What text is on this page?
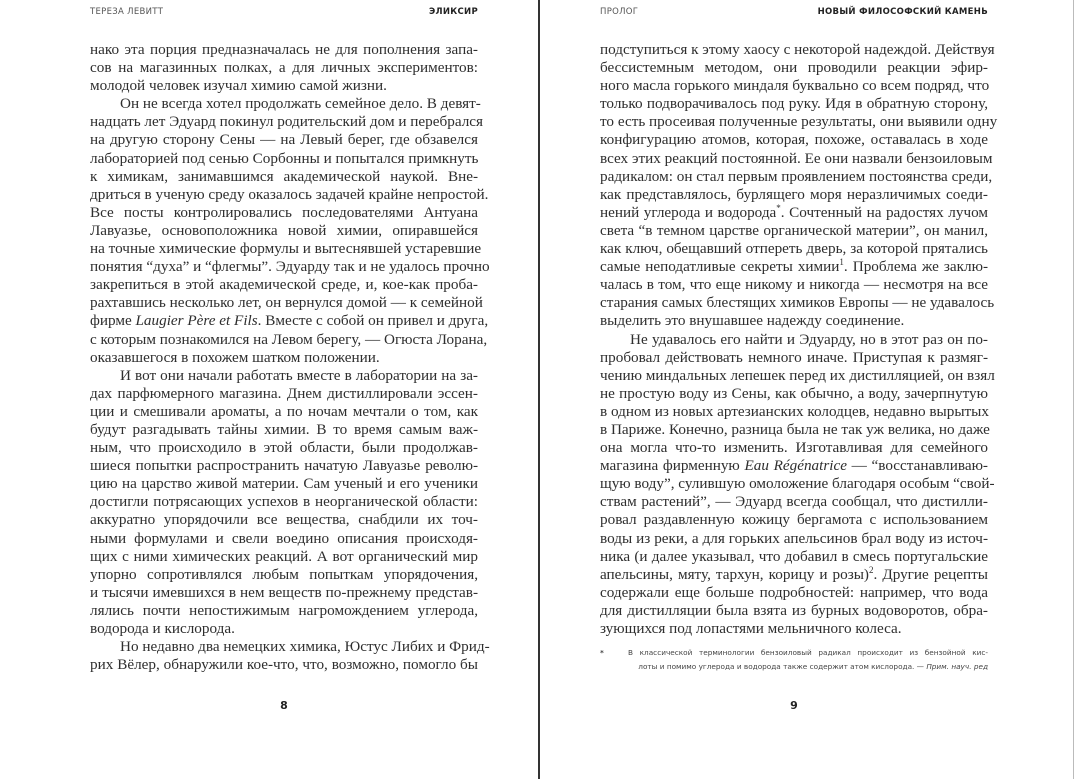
ТЕРЕЗА ЛЕВИТТ	ЭЛИКСИР
нако эта порция предназначалась не для пополнения запа-
сов на магазинных полках, а для личных экспериментов:
молодой человек изучал химию самой жизни.
Он не всегда хотел продолжать семейное дело. В девят-
надцать лет Эдуард покинул родительский дом и перебрался
на другую сторону Сены — на Левый берег, где обзавелся
лабораторией под сенью Сорбонны и попытался примкнуть
к химикам, занимавшимся академической наукой. Вне-
дриться в ученую среду оказалось задачей крайне непростой.
Все посты контролировались последователями Антуана
Лавуазье, основоположника новой химии, опиравшейся
на точные химические формулы и вытеснявшей устаревшие
понятия “духа” и “флегмы”. Эдуарду так и не удалось прочно
закрепиться в этой академической среде, и, кое-как проба-
рахтавшись несколько лет, он вернулся домой — к семейной
фирме Laugier Père et Fils. Вместе с собой он привел и друга,
с которым познакомился на Левом берегу, — Огюста Лорана,
оказавшегося в похожем шатком положении.
И вот они начали работать вместе в лаборатории на за-
дах парфюмерного магазина. Днем дистиллировали эссен-
ции и смешивали ароматы, а по ночам мечтали о том, как
будут разгадывать тайны химии. В то время самым важ-
ным, что происходило в этой области, были продолжав-
шиеся попытки распространить начатую Лавуазье револю-
цию на царство живой материи. Сам ученый и его ученики
достигли потрясающих успехов в неорганической области:
аккуратно упорядочили все вещества, снабдили их точ-
ными формулами и свели воедино описания происходя-
щих с ними химических реакций. А вот органический мир
упорно сопротивлялся любым попыткам упорядочения,
и тысячи имевшихся в нем веществ по-прежнему представ-
лялись почти непостижимым нагромождением углерода,
водорода и кислорода.
Но недавно два немецких химика, Юстус Либих и Фрид-
рих Вёлер, обнаружили кое-что, что, возможно, помогло бы
8
ПРОЛОГ	НОВЫЙ ФИЛОСОФСКИЙ КАМЕНЬ
подступиться к этому хаосу с некоторой надеждой. Действуя
бессистемным методом, они проводили реакции эфир-
ного масла горького миндаля буквально со всем подряд, что
только подворачивалось под руку. Идя в обратную сторону,
то есть просеивая полученные результаты, они выявили одну
конфигурацию атомов, которая, похоже, оставалась в ходе
всех этих реакций постоянной. Ее они назвали бензоиловым
радикалом: он стал первым проявлением постоянства среди,
как представлялось, бурлящего моря неразличимых соеди-
нений углерода и водорода*. Сочтенный на радостях лучом
света “в темном царстве органической материи”, он манил,
как ключ, обещавший отпереть дверь, за которой прятались
самые неподатливые секреты химии$^1$. Проблема же заклю-
чалась в том, что еще никому и никогда — несмотря на все
старания самых блестящих химиков Европы — не удавалось
выделить это внушавшее надежду соединение.
Не удавалось его найти и Эдуарду, но в этот раз он по-
пробовал действовать немного иначе. Приступая к размяг-
чению миндальных лепешек перед их дистилляцией, он взял
не простую воду из Сены, как обычно, а воду, зачерпнутую
в одном из новых артезианских колодцев, недавно вырытых
в Париже. Конечно, разница была не так уж велика, но даже
она могла что-то изменить. Изготавливая для семейного
магазина фирменную Eau Régénatrice — “восстанавливаю-
щую воду”, сулившую омоложение благодаря особым “свой-
ствам растений”, — Эдуард всегда сообщал, что дистилли-
ровал раздавленную кожицу бергамота с использованием
воды из реки, а для горьких апельсинов брал воду из источ-
ника (и далее указывал, что добавил в смесь португальские
апельсины, мяту, тархун, корицу и розы)$^2$. Другие рецепты
содержали еще больше подробностей: например, что вода
для дистилляции была взята из бурных водоворотов, обра-
зующихся под лопастями мельничного колеса.
*	В классической терминологии бензоиловый радикал происходит из бензойной кис-
лоты и помимо углерода и водорода также содержит атом кислорода. — Прим. науч. ред
9
